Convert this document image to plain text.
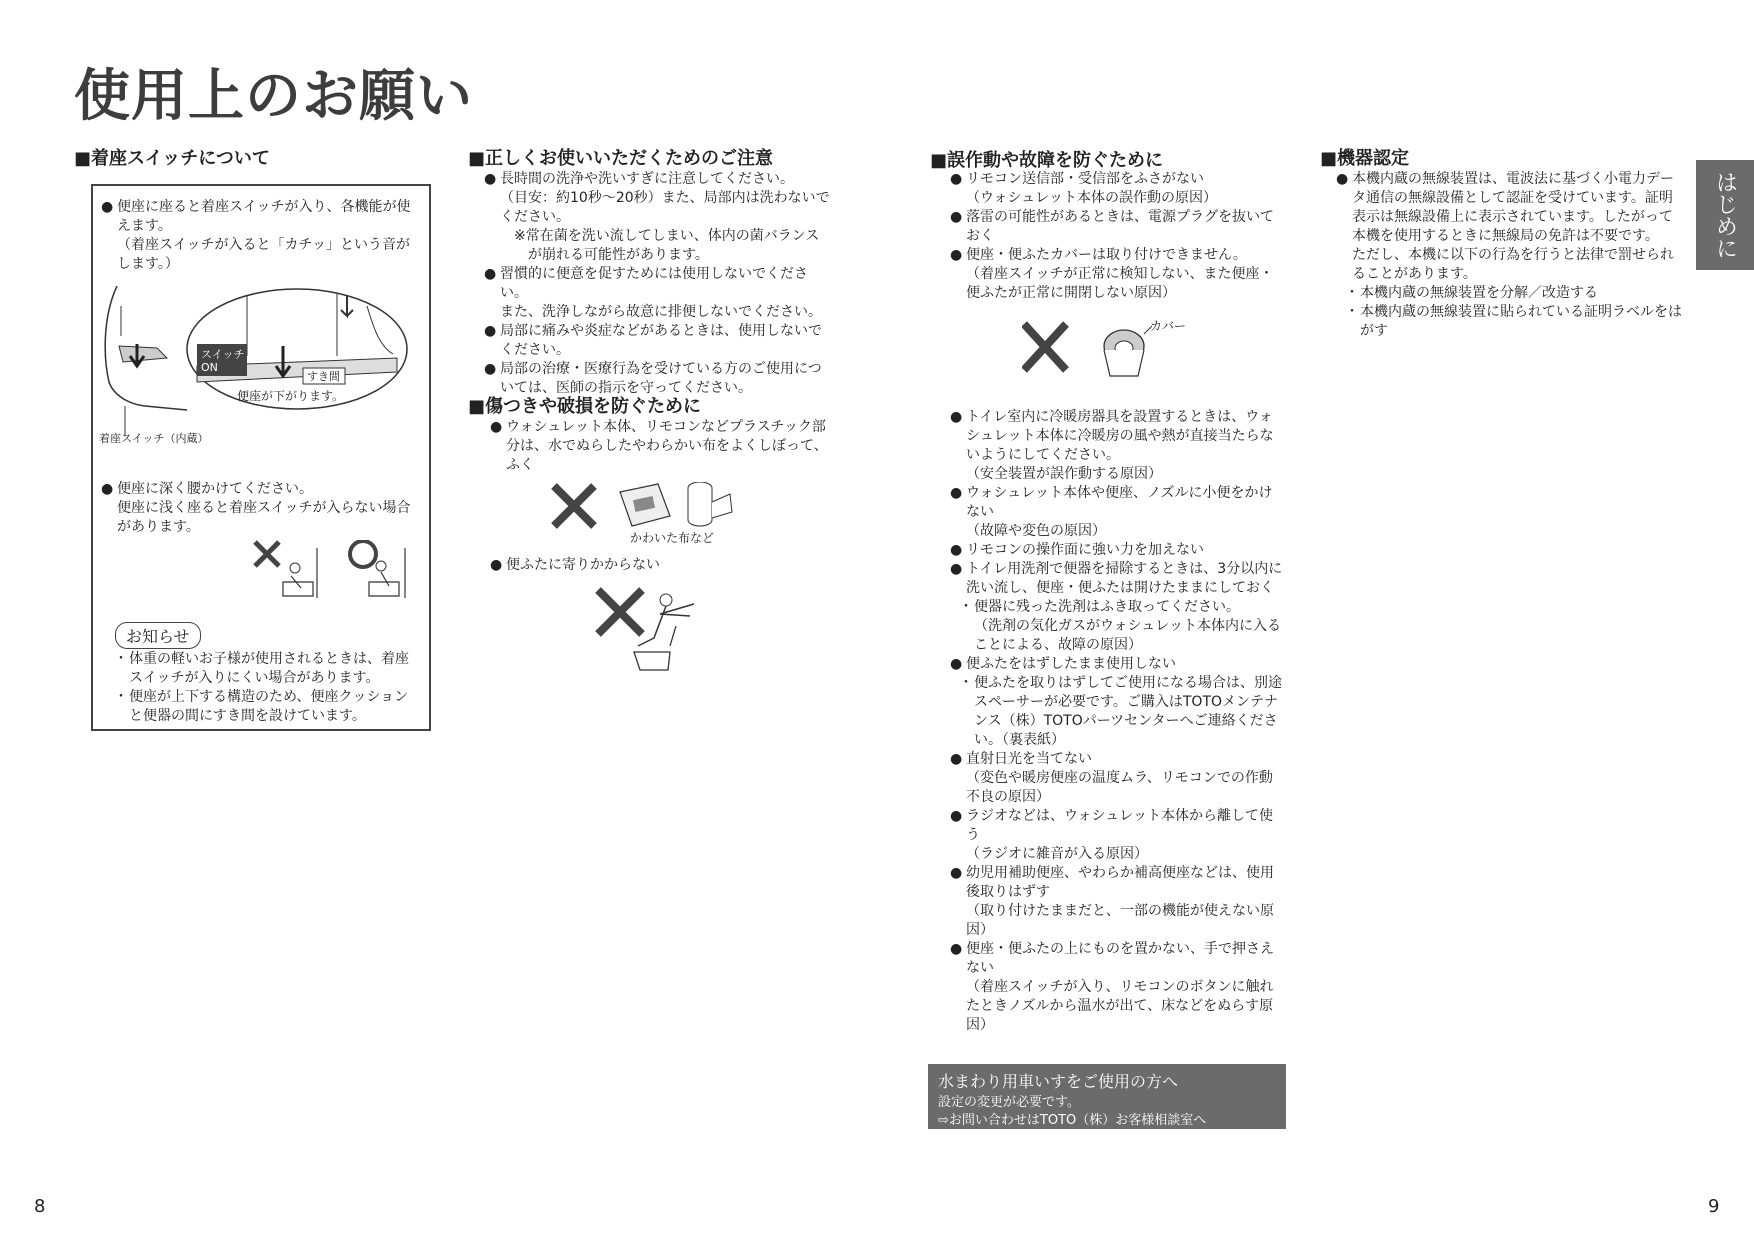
使用上のお願い
■着座スイッチについて
● 便座に座ると着座スイッチが入り、各機能が使えます。
（着座スイッチが入ると「カチッ」という音がします。）
スイッチ ON
すき間
便座が下がります。
着座スイッチ（内蔵）
● 便座に深く腰かけてください。
便座に浅く座ると着座スイッチが入らない場合があります。
お知らせ
・ 体重の軽いお子様が使用されるときは、着座スイッチが入りにくい場合があります。
・ 便座が上下する構造のため、便座クッションと便器の間にすき間を設けています。
■正しくお使いいただくためのご注意
● 長時間の洗浄や洗いすぎに注意してください。
（目安：約10秒〜20秒）また、局部内は洗わないでください。
※常在菌を洗い流してしまい、体内の菌バランス
　が崩れる可能性があります。
● 習慣的に便意を促すためには使用しないでください。
また、洗浄しながら故意に排便しないでください。
● 局部に痛みや炎症などがあるときは、使用しないでください。
● 局部の治療・医療行為を受けている方のご使用については、医師の指示を守ってください。
■傷つきや破損を防ぐために
● ウォシュレット本体、リモコンなどプラスチック部分は、水でぬらしたやわらかい布をよくしぼって、ふく
かわいた布など
● 便ふたに寄りかからない
■誤作動や故障を防ぐために
● リモコン送信部・受信部をふさがない
（ウォシュレット本体の誤作動の原因）
● 落雷の可能性があるときは、電源プラグを抜いておく
● 便座・便ふたカバーは取り付けできません。
（着座スイッチが正常に検知しない、また便座・便ふたが正常に開閉しない原因）
カバー
● トイレ室内に冷暖房器具を設置するときは、ウォシュレット本体に冷暖房の風や熱が直接当たらないようにしてください。
（安全装置が誤作動する原因）
● ウォシュレット本体や便座、ノズルに小便をかけない
（故障や変色の原因）
● リモコンの操作面に強い力を加えない
● トイレ用洗剤で便器を掃除するときは、3分以内に洗い流し、便座・便ふたは開けたままにしておく
・ 便器に残った洗剤はふき取ってください。
（洗剤の気化ガスがウォシュレット本体内に入ることによる、故障の原因）
● 便ふたをはずしたまま使用しない
・ 便ふたを取りはずしてご使用になる場合は、別途スペーサーが必要です。ご購入はTOTOメンテナンス（株）TOTOパーツセンターへご連絡ください。（裏表紙）
● 直射日光を当てない
（変色や暖房便座の温度ムラ、リモコンでの作動不良の原因）
● ラジオなどは、ウォシュレット本体から離して使う
（ラジオに雑音が入る原因）
● 幼児用補助便座、やわらか補高便座などは、使用後取りはずす
（取り付けたままだと、一部の機能が使えない原因）
● 便座・便ふたの上にものを置かない、手で押さえない
（着座スイッチが入り、リモコンのボタンに触れたときノズルから温水が出て、床などをぬらす原因）
水まわり用車いすをご使用の方へ
設定の変更が必要です。
⇨お問い合わせはTOTO（株）お客様相談室へ
■機器認定
● 本機内蔵の無線装置は、電波法に基づく小電力データ通信の無線設備として認証を受けています。証明表示は無線設備上に表示されています。したがって本機を使用するときに無線局の免許は不要です。
ただし、本機に以下の行為を行うと法律で罰せられることがあります。
・ 本機内蔵の無線装置を分解／改造する
・ 本機内蔵の無線装置に貼られている証明ラベルをはがす
はじめに
8	9
